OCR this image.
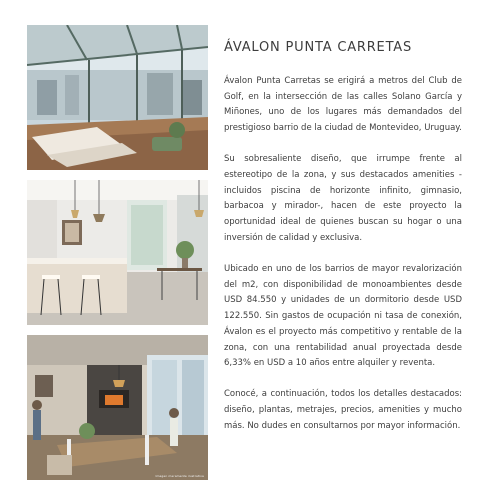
Imagen meramente ilustrativa
ÁVALON PUNTA CARRETAS

Ávalon Punta Carretas se erigirá a metros del Club de Golf, en la intersección de las calles Solano García y Miñones, uno de los lugares más demandados del prestigioso barrio de la ciudad de Montevideo, Uruguay.

Su sobresaliente diseño, que irrumpe frente al estereotipo de la zona, y sus destacados amenities -incluidos piscina de horizonte infinito, gimnasio, barbacoa y mirador-, hacen de este proyecto la oportunidad ideal de quienes buscan su hogar o una inversión de calidad y exclusiva.

Ubicado en uno de los barrios de mayor revalorización del m2, con disponibilidad de monoambientes desde USD 84.550 y unidades de un dormitorio desde USD 122.550. Sin gastos de ocupación ni tasa de conexión, Ávalon es el proyecto más competitivo y rentable de la zona, con una rentabilidad anual proyectada desde 6,33% en USD a 10 años entre alquiler y reventa.

Conocé, a continuación, todos los detalles destacados: diseño, plantas, metrajes, precios, amenities y mucho más. No dudes en consultarnos por mayor información.
